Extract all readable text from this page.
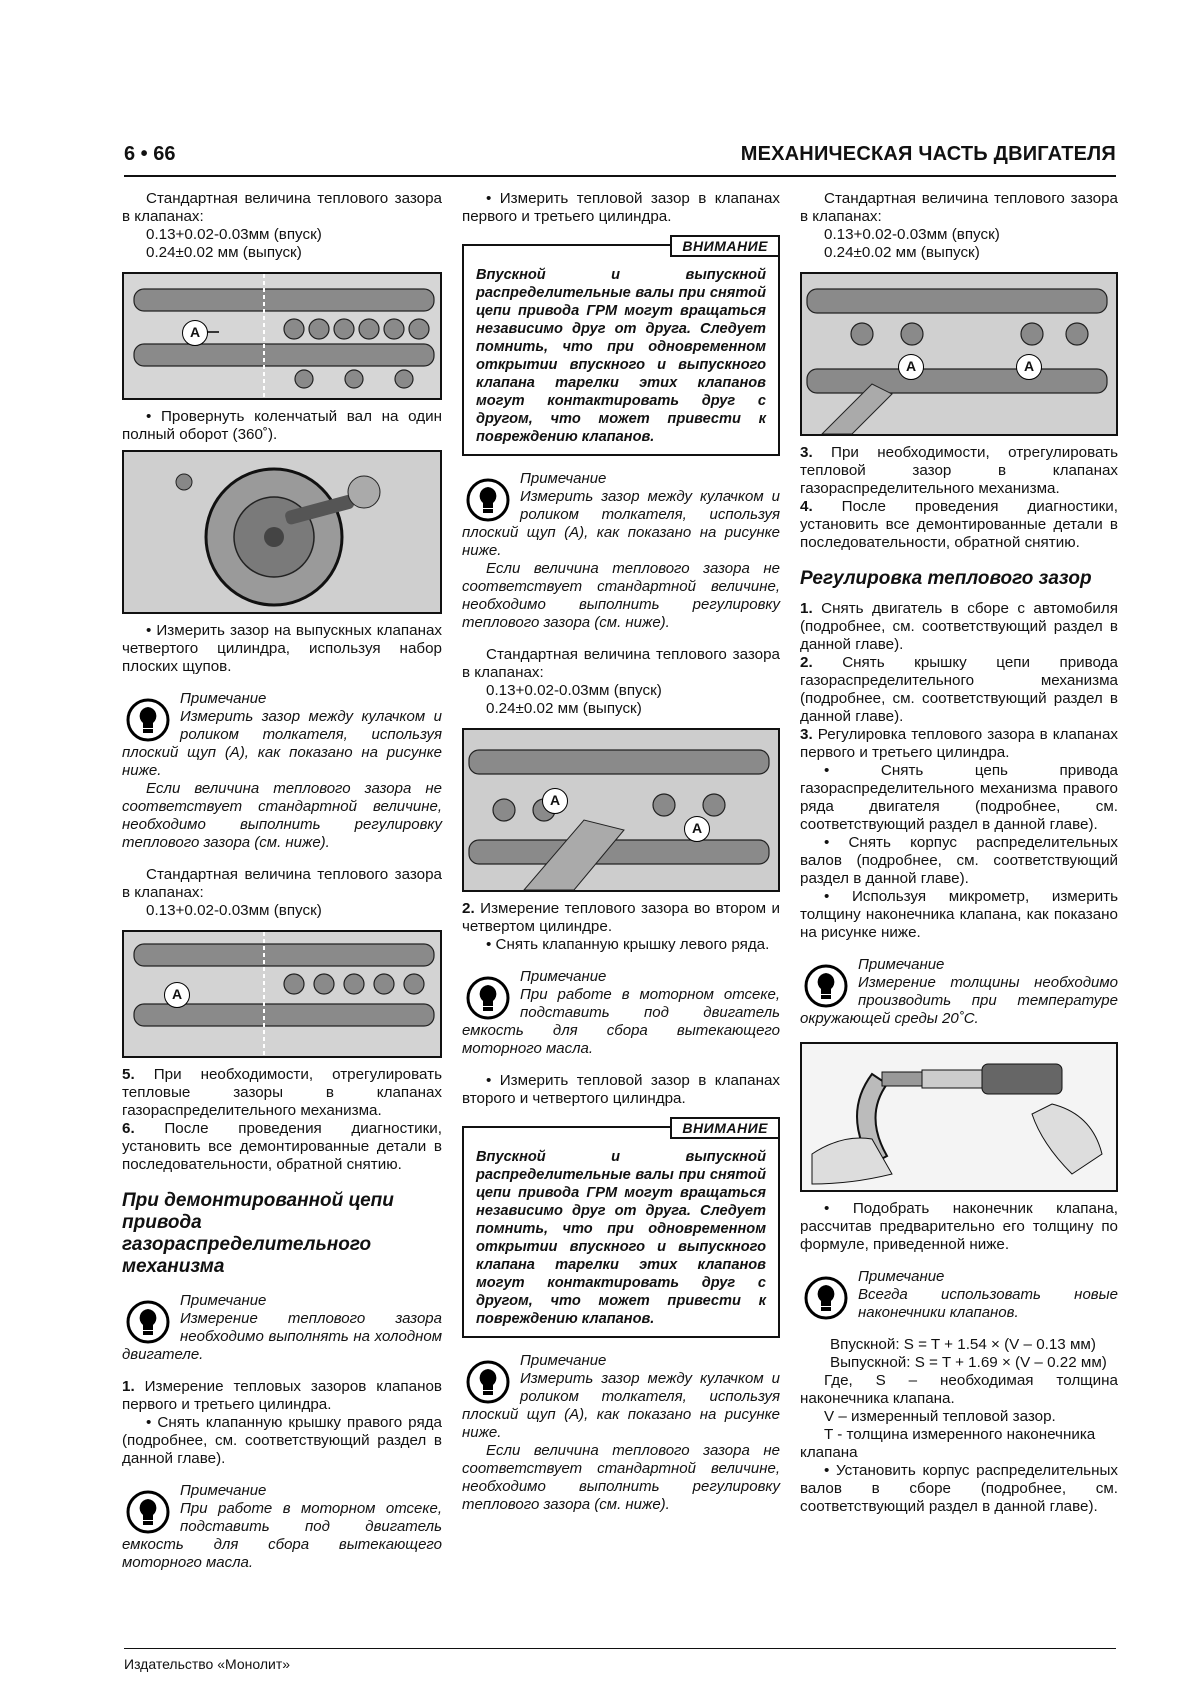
6 • 66	МЕХАНИЧЕСКАЯ ЧАСТЬ ДВИГАТЕЛЯ

Стандартная величина теплового зазора в клапанах:

0.13+0.02-0.03мм (впуск)

0.24±0.02 мм (выпуск)

A

• Провернуть коленчатый вал на один полный оборот (360˚).

• Измерить зазор на выпускных клапанах четвертого цилиндра, используя набор плоских щупов.

Примечание

Измерить зазор между кулачком и роликом толкателя, используя плоский щуп (A), как показано на рисунке ниже.

Если величина теплового зазора не соответствует стандартной величине, необходимо выполнить регулировку теплового зазора (см. ниже).

Стандартная величина теплового зазора в клапанах:

0.13+0.02-0.03мм (впуск)

A

5. При необходимости, отрегулировать тепловые зазоры в клапанах газораспределительного механизма.

6. После проведения диагностики, установить все демонтированные детали в последовательности, обратной снятию.

При демонтированной цепи привода газораспределительного механизма
Примечание

Измерение теплового зазора необходимо выполнять на холодном двигателе.

1. Измерение тепловых зазоров клапанов первого и третьего цилиндра.

• Снять клапанную крышку правого ряда (подробнее, см. соответствующий раздел в данной главе).

Примечание

При работе в моторном отсеке, подставить под двигатель емкость для сбора вытекающего моторного масла.

• Измерить тепловой зазор в клапанах первого и третьего цилиндра.

ВНИМАНИЕ
Впускной и выпускной распределительные валы при снятой цепи привода ГРМ могут вращаться независимо друг от друга. Следует помнить, что при одновременном открытии впускного и выпускного клапана тарелки этих клапанов могут контактировать друг с другом, что может привести к повреждению клапанов.
Примечание

Измерить зазор между кулачком и роликом толкателя, используя плоский щуп (A), как показано на рисунке ниже.

Если величина теплового зазора не соответствует стандартной величине, необходимо выполнить регулировку теплового зазора (см. ниже).

Стандартная величина теплового зазора в клапанах:

0.13+0.02-0.03мм (впуск)

0.24±0.02 мм (выпуск)

A
A

2. Измерение теплового зазора во втором и четвертом цилиндре.

• Снять клапанную крышку левого ряда.

Примечание

При работе в моторном отсеке, подставить под двигатель емкость для сбора вытекающего моторного масла.

• Измерить тепловой зазор в клапанах второго и четвертого цилиндра.

ВНИМАНИЕ
Впускной и выпускной распределительные валы при снятой цепи привода ГРМ могут вращаться независимо друг от друга. Следует помнить, что при одновременном открытии впускного и выпускного клапана тарелки этих клапанов могут контактировать друг с другом, что может привести к повреждению клапанов.
Примечание

Измерить зазор между кулачком и роликом толкателя, используя плоский щуп (A), как показано на рисунке ниже.

Если величина теплового зазора не соответствует стандартной величине, необходимо выполнить регулировку теплового зазора (см. ниже).

Стандартная величина теплового зазора в клапанах:

0.13+0.02-0.03мм (впуск)

0.24±0.02 мм (выпуск)

A	A

3. При необходимости, отрегулировать тепловой зазор в клапанах газораспределительного механизма.

4. После проведения диагностики, установить все демонтированные детали в последовательности, обратной снятию.

Регулировка теплового зазор

1. Снять двигатель в сборе с автомобиля (подробнее, см. соответствующий раздел в данной главе).

2. Снять крышку цепи привода газораспределительного механизма (подробнее, см. соответствующий раздел в данной главе).

3. Регулировка теплового зазора в клапанах первого и третьего цилиндра.

• Снять цепь привода газораспределительного механизма правого ряда двигателя (подробнее, см. соответствующий раздел в данной главе).

• Снять корпус распределительных валов (подробнее, см. соответствующий раздел в данной главе).

• Используя микрометр, измерить толщину наконечника клапана, как показано на рисунке ниже.

Примечание

Измерение толщины необходимо производить при температуре окружающей среды 20˚С.

• Подобрать наконечник клапана, рассчитав предварительно его толщину по формуле, приведенной ниже.

Примечание

Всегда использовать новые наконечники клапанов.

Впускной: S = T + 1.54 × (V – 0.13 мм)

Выпускной: S = T + 1.69 × (V – 0.22 мм)

Где, S – необходимая толщина наконечника клапана.

V – измеренный тепловой зазор.

T - толщина измеренного наконечника клапана

• Установить корпус распределительных валов в сборе (подробнее, см. соответствующий раздел в данной главе).

Издательство «Монолит»
